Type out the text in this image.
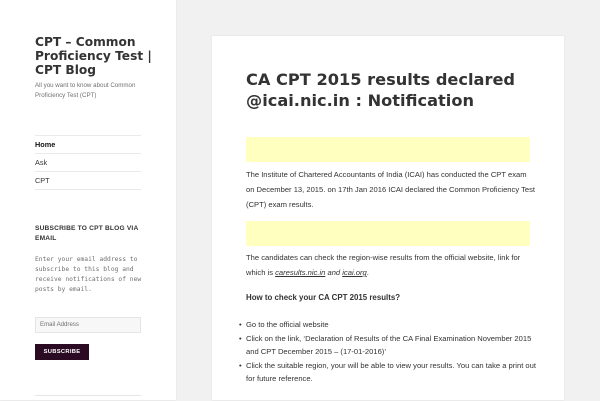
CPT – Common Proficiency Test | CPT Blog
All you want to know about Common Proficiency Test (CPT)
Home
Ask
CPT
SUBSCRIBE TO CPT BLOG VIA EMAIL
Enter your email address to subscribe to this blog and receive notifications of new posts by email.
Email Address
SUBSCRIBE
CA CPT 2015 results declared @icai.nic.in : Notification

The Institute of Chartered Accountants of India (ICAI) has conducted the CPT exam on December 13, 2015. on 17th Jan 2016 ICAI declared the Common Proficiency Test (CPT) exam results.

The candidates can check the region-wise results from the official website, link for which is caresults.nic.in and icai.org.

How to check your CA CPT 2015 results?
• Go to the official website
• Click on the link, ‘Declaration of Results of the CA Final Examination November 2015 and CPT December 2015 – (17-01-2016)’
• Click the suitable region, your will be able to view your results. You can take a print out for future reference.
